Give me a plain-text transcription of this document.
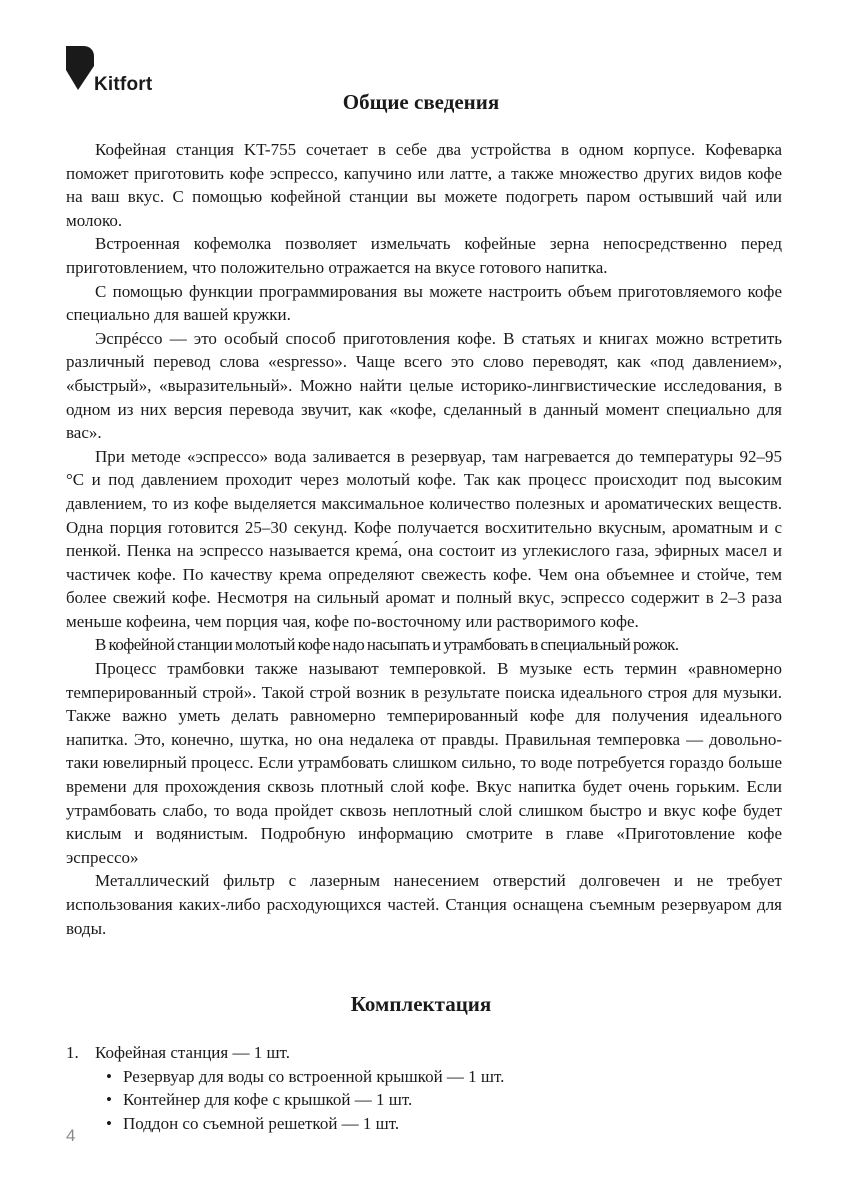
Kitfort
Общие сведения

Кофейная станция KT-755 сочетает в себе два устройства в одном корпусе. Кофеварка поможет приготовить кофе эспрессо, капучино или латте, а также множество других видов кофе на ваш вкус. С помощью кофейной станции вы можете подогреть паром остывший чай или молоко.

Встроенная кофемолка позволяет измельчать кофейные зерна непосредственно перед приготовлением, что положительно отражается на вкусе готового напитка.

С помощью функции программирования вы можете настроить объем приготовляемого кофе специально для вашей кружки.

Эспрéссо — это особый способ приготовления кофе. В статьях и книгах можно встретить различный перевод слова «espresso». Чаще всего это слово переводят, как «под давлением», «быстрый», «выразительный». Можно найти целые историко-лингвистические исследования, в одном из них версия перевода звучит, как «кофе, сделанный в данный момент специально для вас».

При методе «эспрессо» вода заливается в резервуар, там нагревается до температуры 92–95 °С и под давлением проходит через молотый кофе. Так как процесс происходит под высоким давлением, то из кофе выделяется максимальное количество полезных и ароматических веществ. Одна порция готовится 25–30 секунд. Кофе получается восхитительно вкусным, ароматным и с пенкой. Пенка на эспрессо называется крема́, она состоит из углекислого газа, эфирных масел и частичек кофе. По качеству крема определяют свежесть кофе. Чем она объемнее и стойче, тем более свежий кофе. Несмотря на сильный аромат и полный вкус, эспрессо содержит в 2–3 раза меньше кофеина, чем порция чая, кофе по-восточному или растворимого кофе.

В кофейной станции молотый кофе надо насыпать и утрамбовать в специальный рожок.

Процесс трамбовки также называют темперовкой. В музыке есть термин «равномерно темперированный строй». Такой строй возник в результате поиска идеального строя для музыки. Также важно уметь делать равномерно темперированный кофе для получения идеального напитка. Это, конечно, шутка, но она недалека от правды. Правильная темперовка — довольно-таки ювелирный процесс. Если утрамбовать слишком сильно, то воде потребуется гораздо больше времени для прохождения сквозь плотный слой кофе. Вкус напитка будет очень горьким. Если утрамбовать слабо, то вода пройдет сквозь неплотный слой слишком быстро и вкус кофе будет кислым и водянистым. Подробную информацию смотрите в главе «Приготовление кофе эспрессо»

Металлический фильтр с лазерным нанесением отверстий долговечен и не требует использования каких-либо расходующихся частей. Станция оснащена съемным резервуаром для воды.

Комплектация
1. Кофейная станция — 1 шт.
• Резервуар для воды со встроенной крышкой — 1 шт.
• Контейнер для кофе с крышкой — 1 шт.
• Поддон со съемной решеткой — 1 шт.
4
